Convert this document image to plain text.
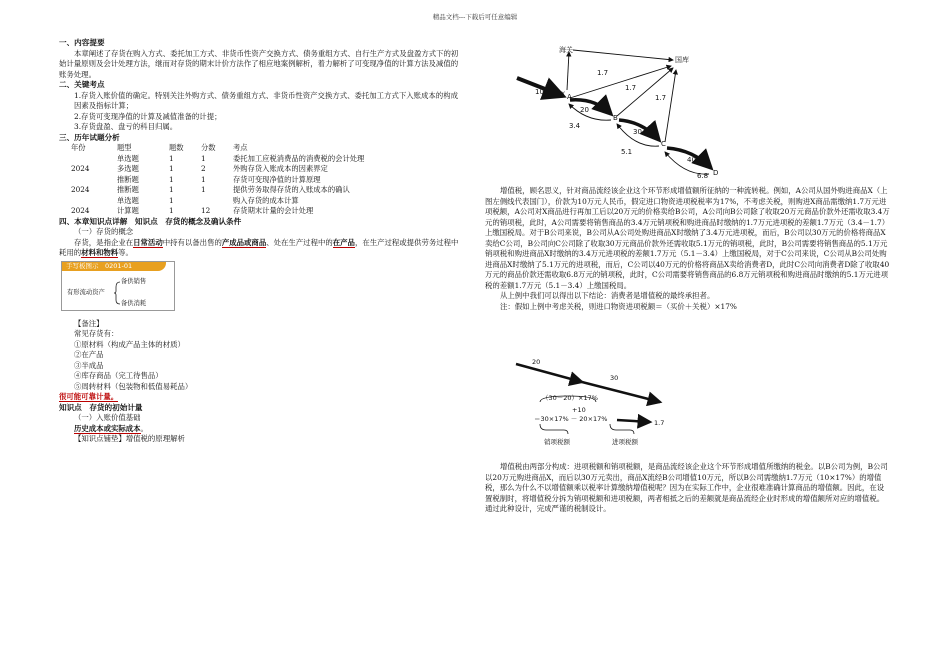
精品文档---下载后可任意编辑
一、内容提要

本章阐述了存货在购入方式、委托加工方式、非货币性资产交换方式、债务重组方式、自行生产方式及盘盈方式下的初始计量原则及会计处理方法，继而对存货的期末计价方法作了相应地案例解析，着力解析了可变现净值的计算方法及减值的账务处理。

二、关键考点
1.存货入账价值的确定。特别关注外购方式、债务重组方式、非货币性资产交换方式、委托加工方式下入账成本的构成因素及指标计算；
2.存货可变现净值的计算及减值准备的计提；
3.存货盘盈、盘亏的科目归属。
三、历年试题分析
年份	题型	题数	分数	考点
	单选题	1	1	委托加工应税消费品的消费税的会计处理
2024	多选题	1	2	外购存货入账成本的因素界定
	推断题	1	1	存货可变现净值的计算原理
2024	推断题	1	1	提供劳务取得存货的入账成本的确认
	单选题	1		购入存货的成本计算
2024	计算题	1	12	存货期末计量的会计处理
四、本章知识点详解　知识点　存货的概念及确认条件
（一）存货的概念

存货，是指企业在日常活动中持有以备出售的产成品或商品、处在生产过程中的在产品，在生产过程或提供劳务过程中耗用的材料和物料等。

手写板图示　0201-01
有形流动资产
备供销售
备供消耗
【备注】
常见存货有：
①原材料（构成产品主体的材质）
②在产品
③半成品
④库存商品（完工待售品）
⑤周转材料（包装物和低值易耗品）
很可能可靠计量。
知识点　存货的初始计量
（一）入账价值基础
历史成本或实际成本。
【知识点铺垫】增值税的原理解析
海关
国库
X A
B
C
D
10
1.7
1.7
1.7
20
3.4
30
5.1
40
6.8

增值税，顾名思义，针对商品流经该企业这个环节形成增值额所征纳的一种流转税。例如，A公司从国外购进商品X（上图左侧线代表国门），价款为10万元人民币，假定进口物资进项税税率为17%，不考虑关税，则购进X商品需缴纳1.7万元进项税额，A公司对X商品进行再加工后以20万元的价格卖给B公司，A公司向B公司除了收取20万元商品价款外还需收取3.4万元的销项税，此时，A公司需要将销售商品的3.4万元销项税和购进商品时缴纳的1.7万元进项税的差额1.7万元（3.4－1.7）上缴国税局。对于B公司来说，B公司从A公司处购进商品X时缴纳了3.4万元进项税，而后，B公司以30万元的价格将商品X卖给C公司，B公司向C公司除了收取30万元商品价款外还需收取5.1万元的销项税，此时，B公司需要将销售商品的5.1万元销项税和购进商品X时缴纳的3.4万元进项税的差额1.7万元（5.1－3.4）上缴国税局，对于C公司来说，C公司从B公司处购进商品X时缴纳了5.1万元的进项税，而后，C公司以40万元的价格将商品X卖给消费者D，此时C公司向消费者D除了收取40万元的商品价款还需收取6.8万元的销项税，此时，C公司需要将销售商品的6.8万元销项税和购进商品时缴纳的5.1万元进项税的差额1.7万元（5.1－3.4）上缴国税局。

从上例中我们可以得出以下结论：消费者是增值税的最终承担者。

注：假如上例中考虑关税，则进口物资进项税额＝（买价＋关税）×17%

20
30
（30－20）×17%
+10
＝30×17% － 20×17%	1.7
销项税额	进项税额

增值税由两部分构成：进项税额和销项税额，是商品流经该企业这个环节形成增值所缴纳的税金。以B公司为例，B公司以20万元购进商品X，而后以30万元卖出，商品X流经B公司增值10万元，所以B公司需缴纳1.7万元（10×17%）的增值税，那么为什么不以增值额乘以税率计算缴纳增值税呢？因为在实际工作中，企业很难准确计算商品的增值额。因此，在设置税制时，将增值税分拆为销项税额和进项税额，两者相抵之后的差额就是商品流经企业时形成的增值额所对应的增值税。通过此种设计，完成严谨的税制设计。
